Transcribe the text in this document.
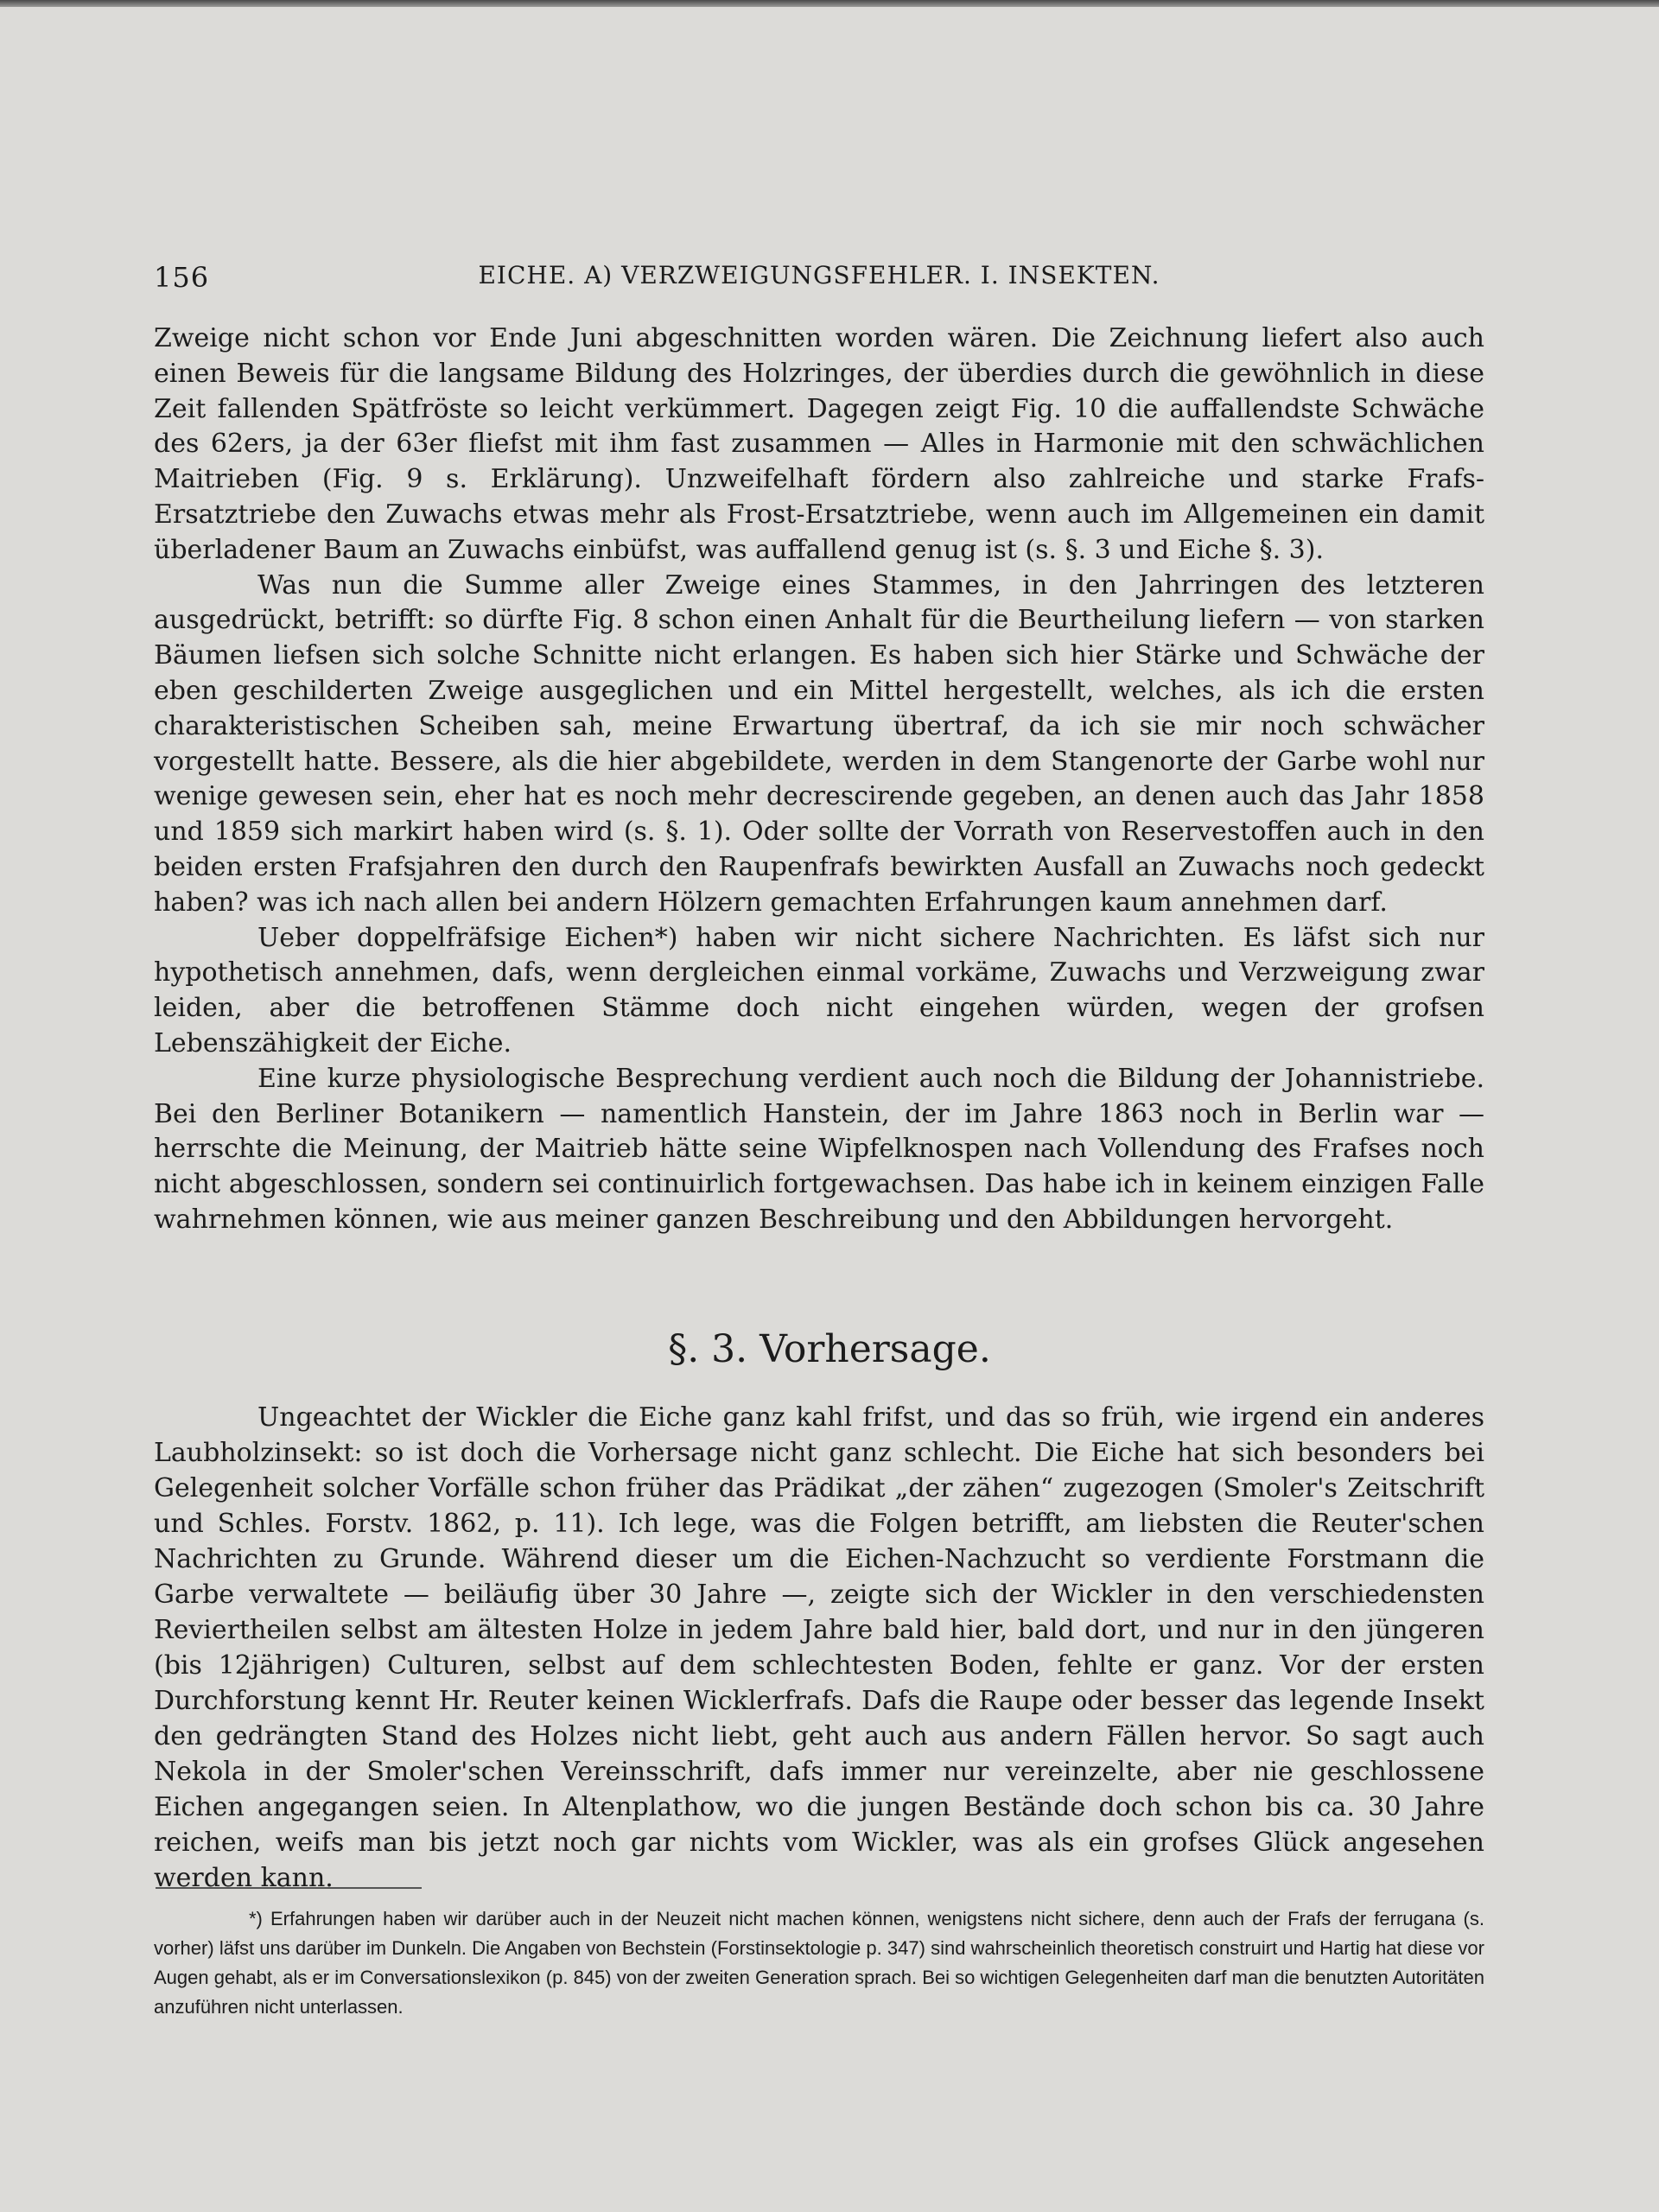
156	EICHE. A) VERZWEIGUNGSFEHLER. I. INSEKTEN.

Zweige nicht schon vor Ende Juni abgeschnitten worden wären. Die Zeichnung liefert also auch einen Beweis für die langsame Bildung des Holzringes, der überdies durch die gewöhnlich in diese Zeit fallenden Spätfröste so leicht verkümmert. Dagegen zeigt Fig. 10 die auffallendste Schwäche des 62ers, ja der 63er fliefst mit ihm fast zusammen — Alles in Harmonie mit den schwächlichen Maitrieben (Fig. 9 s. Erklärung). Unzweifelhaft fördern also zahlreiche und starke Frafs-Ersatztriebe den Zuwachs etwas mehr als Frost-Ersatztriebe, wenn auch im Allgemeinen ein damit überladener Baum an Zuwachs einbüfst, was auffallend genug ist (s. §. 3 und Eiche §. 3).

Was nun die Summe aller Zweige eines Stammes, in den Jahrringen des letzteren ausgedrückt, betrifft: so dürfte Fig. 8 schon einen Anhalt für die Beurtheilung liefern — von starken Bäumen liefsen sich solche Schnitte nicht erlangen. Es haben sich hier Stärke und Schwäche der eben geschilderten Zweige ausgeglichen und ein Mittel hergestellt, welches, als ich die ersten charakteristischen Scheiben sah, meine Erwartung übertraf, da ich sie mir noch schwächer vorgestellt hatte. Bessere, als die hier abgebildete, werden in dem Stangenorte der Garbe wohl nur wenige gewesen sein, eher hat es noch mehr decrescirende gegeben, an denen auch das Jahr 1858 und 1859 sich markirt haben wird (s. §. 1). Oder sollte der Vorrath von Reservestoffen auch in den beiden ersten Frafsjahren den durch den Raupenfrafs bewirkten Ausfall an Zuwachs noch gedeckt haben? was ich nach allen bei andern Hölzern gemachten Erfahrungen kaum annehmen darf.

Ueber doppelfräfsige Eichen*) haben wir nicht sichere Nachrichten. Es läfst sich nur hypothetisch annehmen, dafs, wenn dergleichen einmal vorkäme, Zuwachs und Verzweigung zwar leiden, aber die betroffenen Stämme doch nicht eingehen würden, wegen der grofsen Lebenszähigkeit der Eiche.

Eine kurze physiologische Besprechung verdient auch noch die Bildung der Johannistriebe. Bei den Berliner Botanikern — namentlich Hanstein, der im Jahre 1863 noch in Berlin war — herrschte die Meinung, der Maitrieb hätte seine Wipfelknospen nach Vollendung des Frafses noch nicht abgeschlossen, sondern sei continuirlich fortgewachsen. Das habe ich in keinem einzigen Falle wahrnehmen können, wie aus meiner ganzen Beschreibung und den Abbildungen hervorgeht.

§. 3. Vorhersage.

Ungeachtet der Wickler die Eiche ganz kahl frifst, und das so früh, wie irgend ein anderes Laubholzinsekt: so ist doch die Vorhersage nicht ganz schlecht. Die Eiche hat sich besonders bei Gelegenheit solcher Vorfälle schon früher das Prädikat „der zähen“ zugezogen (Smoler's Zeitschrift und Schles. Forstv. 1862, p. 11). Ich lege, was die Folgen betrifft, am liebsten die Reuter'schen Nachrichten zu Grunde. Während dieser um die Eichen-Nachzucht so verdiente Forstmann die Garbe verwaltete — beiläufig über 30 Jahre —, zeigte sich der Wickler in den verschiedensten Reviertheilen selbst am ältesten Holze in jedem Jahre bald hier, bald dort, und nur in den jüngeren (bis 12jährigen) Culturen, selbst auf dem schlechtesten Boden, fehlte er ganz. Vor der ersten Durchforstung kennt Hr. Reuter keinen Wicklerfrafs. Dafs die Raupe oder besser das legende Insekt den gedrängten Stand des Holzes nicht liebt, geht auch aus andern Fällen hervor. So sagt auch Nekola in der Smoler'schen Vereinsschrift, dafs immer nur vereinzelte, aber nie geschlossene Eichen angegangen seien. In Altenplathow, wo die jungen Bestände doch schon bis ca. 30 Jahre reichen, weifs man bis jetzt noch gar nichts vom Wickler, was als ein grofses Glück angesehen werden kann.

*) Erfahrungen haben wir darüber auch in der Neuzeit nicht machen können, wenigstens nicht sichere, denn auch der Frafs der ferrugana (s. vorher) läfst uns darüber im Dunkeln. Die Angaben von Bechstein (Forstinsektologie p. 347) sind wahrscheinlich theoretisch construirt und Hartig hat diese vor Augen gehabt, als er im Conversationslexikon (p. 845) von der zweiten Generation sprach. Bei so wichtigen Gelegenheiten darf man die benutzten Autoritäten anzuführen nicht unterlassen.
